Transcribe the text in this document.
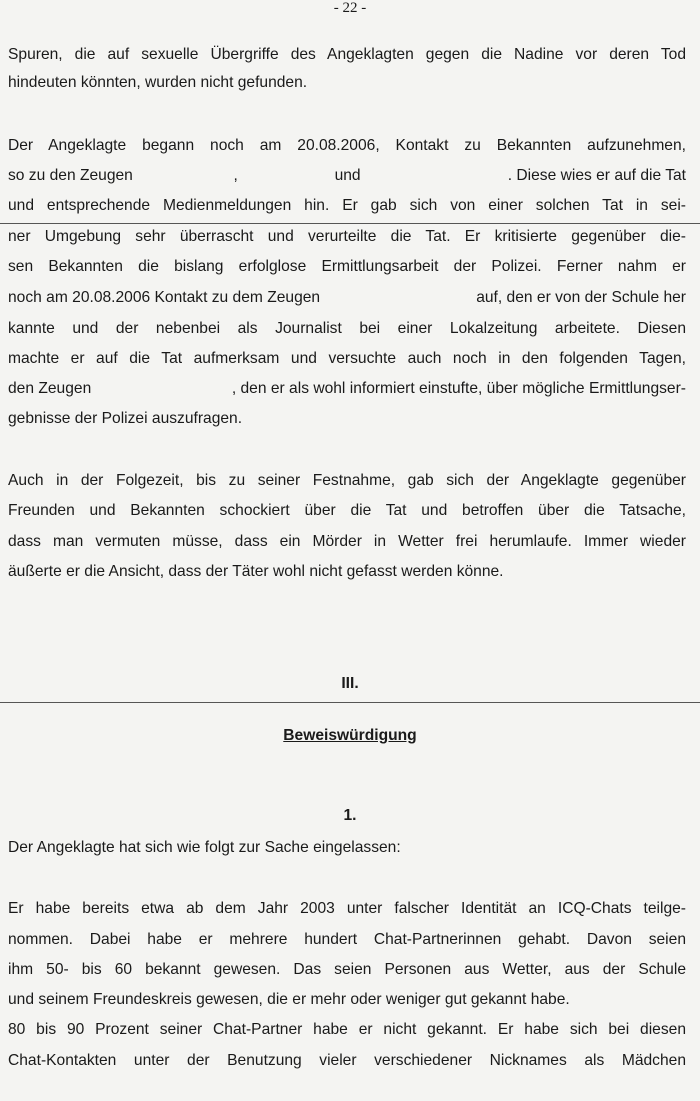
- 22 -
Spuren, die auf sexuelle Übergriffe des Angeklagten gegen die Nadine vor deren Tod
hindeuten könnten, wurden nicht gefunden.
Der Angeklagte begann noch am 20.08.2006, Kontakt zu Bekannten aufzunehmen,
so zu den Zeugen	,	und	. Diese wies er auf die Tat
und entsprechende Medienmeldungen hin. Er gab sich von einer solchen Tat in sei-
ner Umgebung sehr überrascht und verurteilte die Tat. Er kritisierte gegenüber die-
sen Bekannten die bislang erfolglose Ermittlungsarbeit der Polizei. Ferner nahm er
noch am 20.08.2006 Kontakt zu dem Zeugen	auf, den er von der Schule her
kannte und der nebenbei als Journalist bei einer Lokalzeitung arbeitete. Diesen
machte er auf die Tat aufmerksam und versuchte auch noch in den folgenden Tagen,
den Zeugen	, den er als wohl informiert einstufte, über mögliche Ermittlungser-
gebnisse der Polizei auszufragen.
Auch in der Folgezeit, bis zu seiner Festnahme, gab sich der Angeklagte gegenüber
Freunden und Bekannten schockiert über die Tat und betroffen über die Tatsache,
dass man vermuten müsse, dass ein Mörder in Wetter frei herumlaufe. Immer wieder
äußerte er die Ansicht, dass der Täter wohl nicht gefasst werden könne.
III.
Beweiswürdigung
1.
Der Angeklagte hat sich wie folgt zur Sache eingelassen:
Er habe bereits etwa ab dem Jahr 2003 unter falscher Identität an ICQ-Chats teilge-
nommen. Dabei habe er mehrere hundert Chat-Partnerinnen gehabt. Davon seien
ihm 50- bis 60 bekannt gewesen. Das seien Personen aus Wetter, aus der Schule
und seinem Freundeskreis gewesen, die er mehr oder weniger gut gekannt habe.
80 bis 90 Prozent seiner Chat-Partner habe er nicht gekannt. Er habe sich bei diesen
Chat-Kontakten unter der Benutzung vieler verschiedener Nicknames als Mädchen
